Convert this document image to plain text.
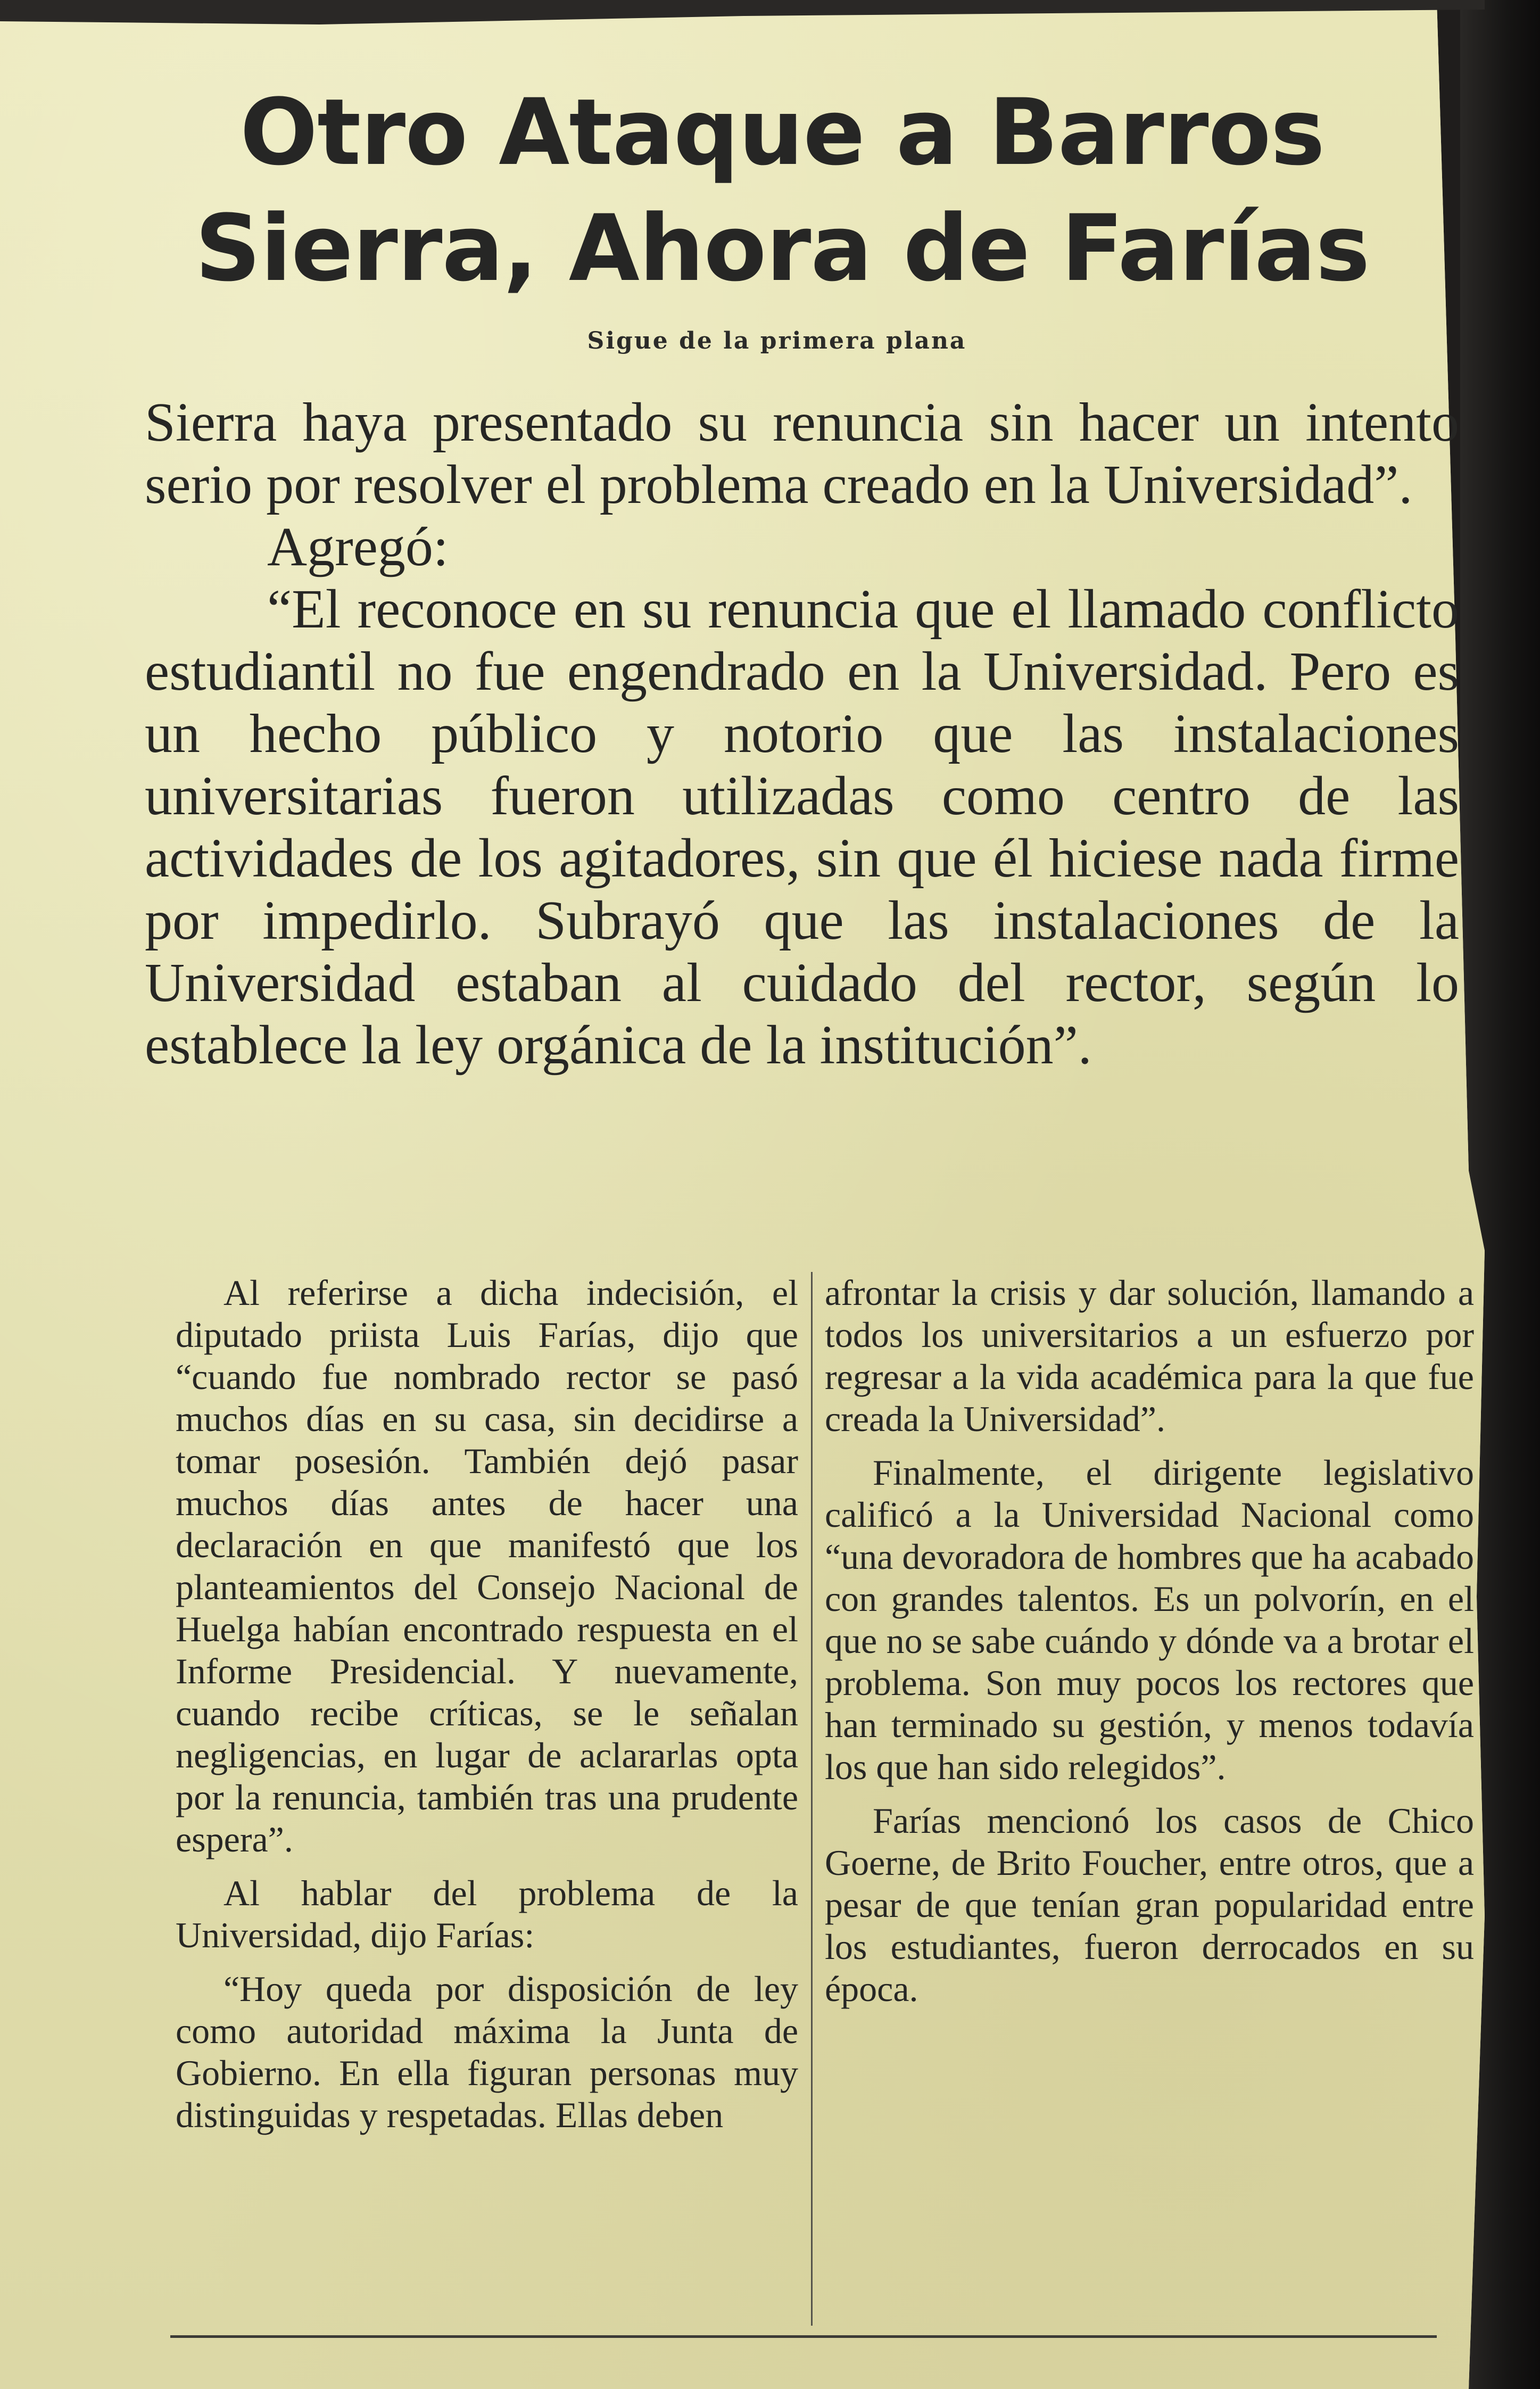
Otro Ataque a Barros
Sierra, Ahora de Farías
Sigue de la primera plana

Sierra haya presentado su renuncia sin hacer un intento serio por resolver el problema creado en la Universidad”.

Agregó:

“El reconoce en su renuncia que el llamado conflicto estudiantil no fue engendrado en la Universidad. Pero es un hecho público y notorio que las instalaciones universitarias fueron utilizadas como centro de las actividades de los agitadores, sin que él hiciese nada firme por impedirlo. Subrayó que las instalaciones de la Universidad estaban al cuidado del rector, según lo establece la ley orgánica de la institución”.

Al referirse a dicha indecisión, el diputado priista Luis Farías, dijo que “cuando fue nombrado rector se pasó muchos días en su casa, sin decidirse a tomar posesión. También dejó pasar muchos días antes de hacer una declaración en que manifestó que los planteamientos del Consejo Nacional de Huelga habían encontrado respuesta en el Informe Presidencial. Y nuevamente, cuando recibe críticas, se le señalan negligencias, en lugar de aclararlas opta por la renuncia, también tras una prudente espera”.

Al hablar del problema de la Universidad, dijo Farías:

“Hoy queda por disposición de ley como autoridad máxima la Junta de Gobierno. En ella figuran personas muy distinguidas y respetadas. Ellas deben

afrontar la crisis y dar solución, llamando a todos los universitarios a un esfuerzo por regresar a la vida académica para la que fue creada la Universidad”.

Finalmente, el dirigente legislativo calificó a la Universidad Nacional como “una devoradora de hombres que ha acabado con grandes talentos. Es un polvorín, en el que no se sabe cuándo y dónde va a brotar el problema. Son muy pocos los rectores que han terminado su gestión, y menos todavía los que han sido relegidos”.

Farías mencionó los casos de Chico Goerne, de Brito Foucher, entre otros, que a pesar de que tenían gran popularidad entre los estudiantes, fueron derrocados en su época.
